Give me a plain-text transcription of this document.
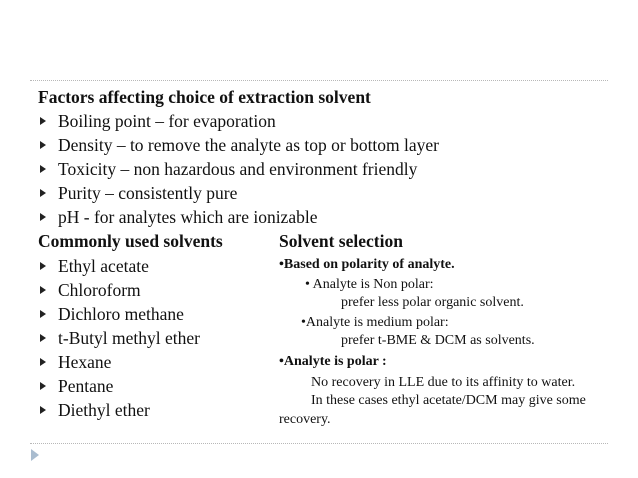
Factors affecting choice of extraction solvent
Boiling point – for evaporation
Density – to remove the analyte as top or bottom layer
Toxicity – non hazardous and environment friendly
Purity – consistently pure
pH - for analytes which are ionizable
Commonly used solvents
Ethyl acetate
Chloroform
Dichloro methane
t-Butyl methyl ether
Hexane
Pentane
Diethyl ether
Solvent selection
•Based on polarity of analyte.
• Analyte is Non polar:
prefer less polar organic solvent.
•Analyte is medium polar:
prefer t-BME & DCM as solvents.
•Analyte is polar :
No recovery in LLE due to its affinity to water.
In these cases ethyl acetate/DCM may give some
recovery.
